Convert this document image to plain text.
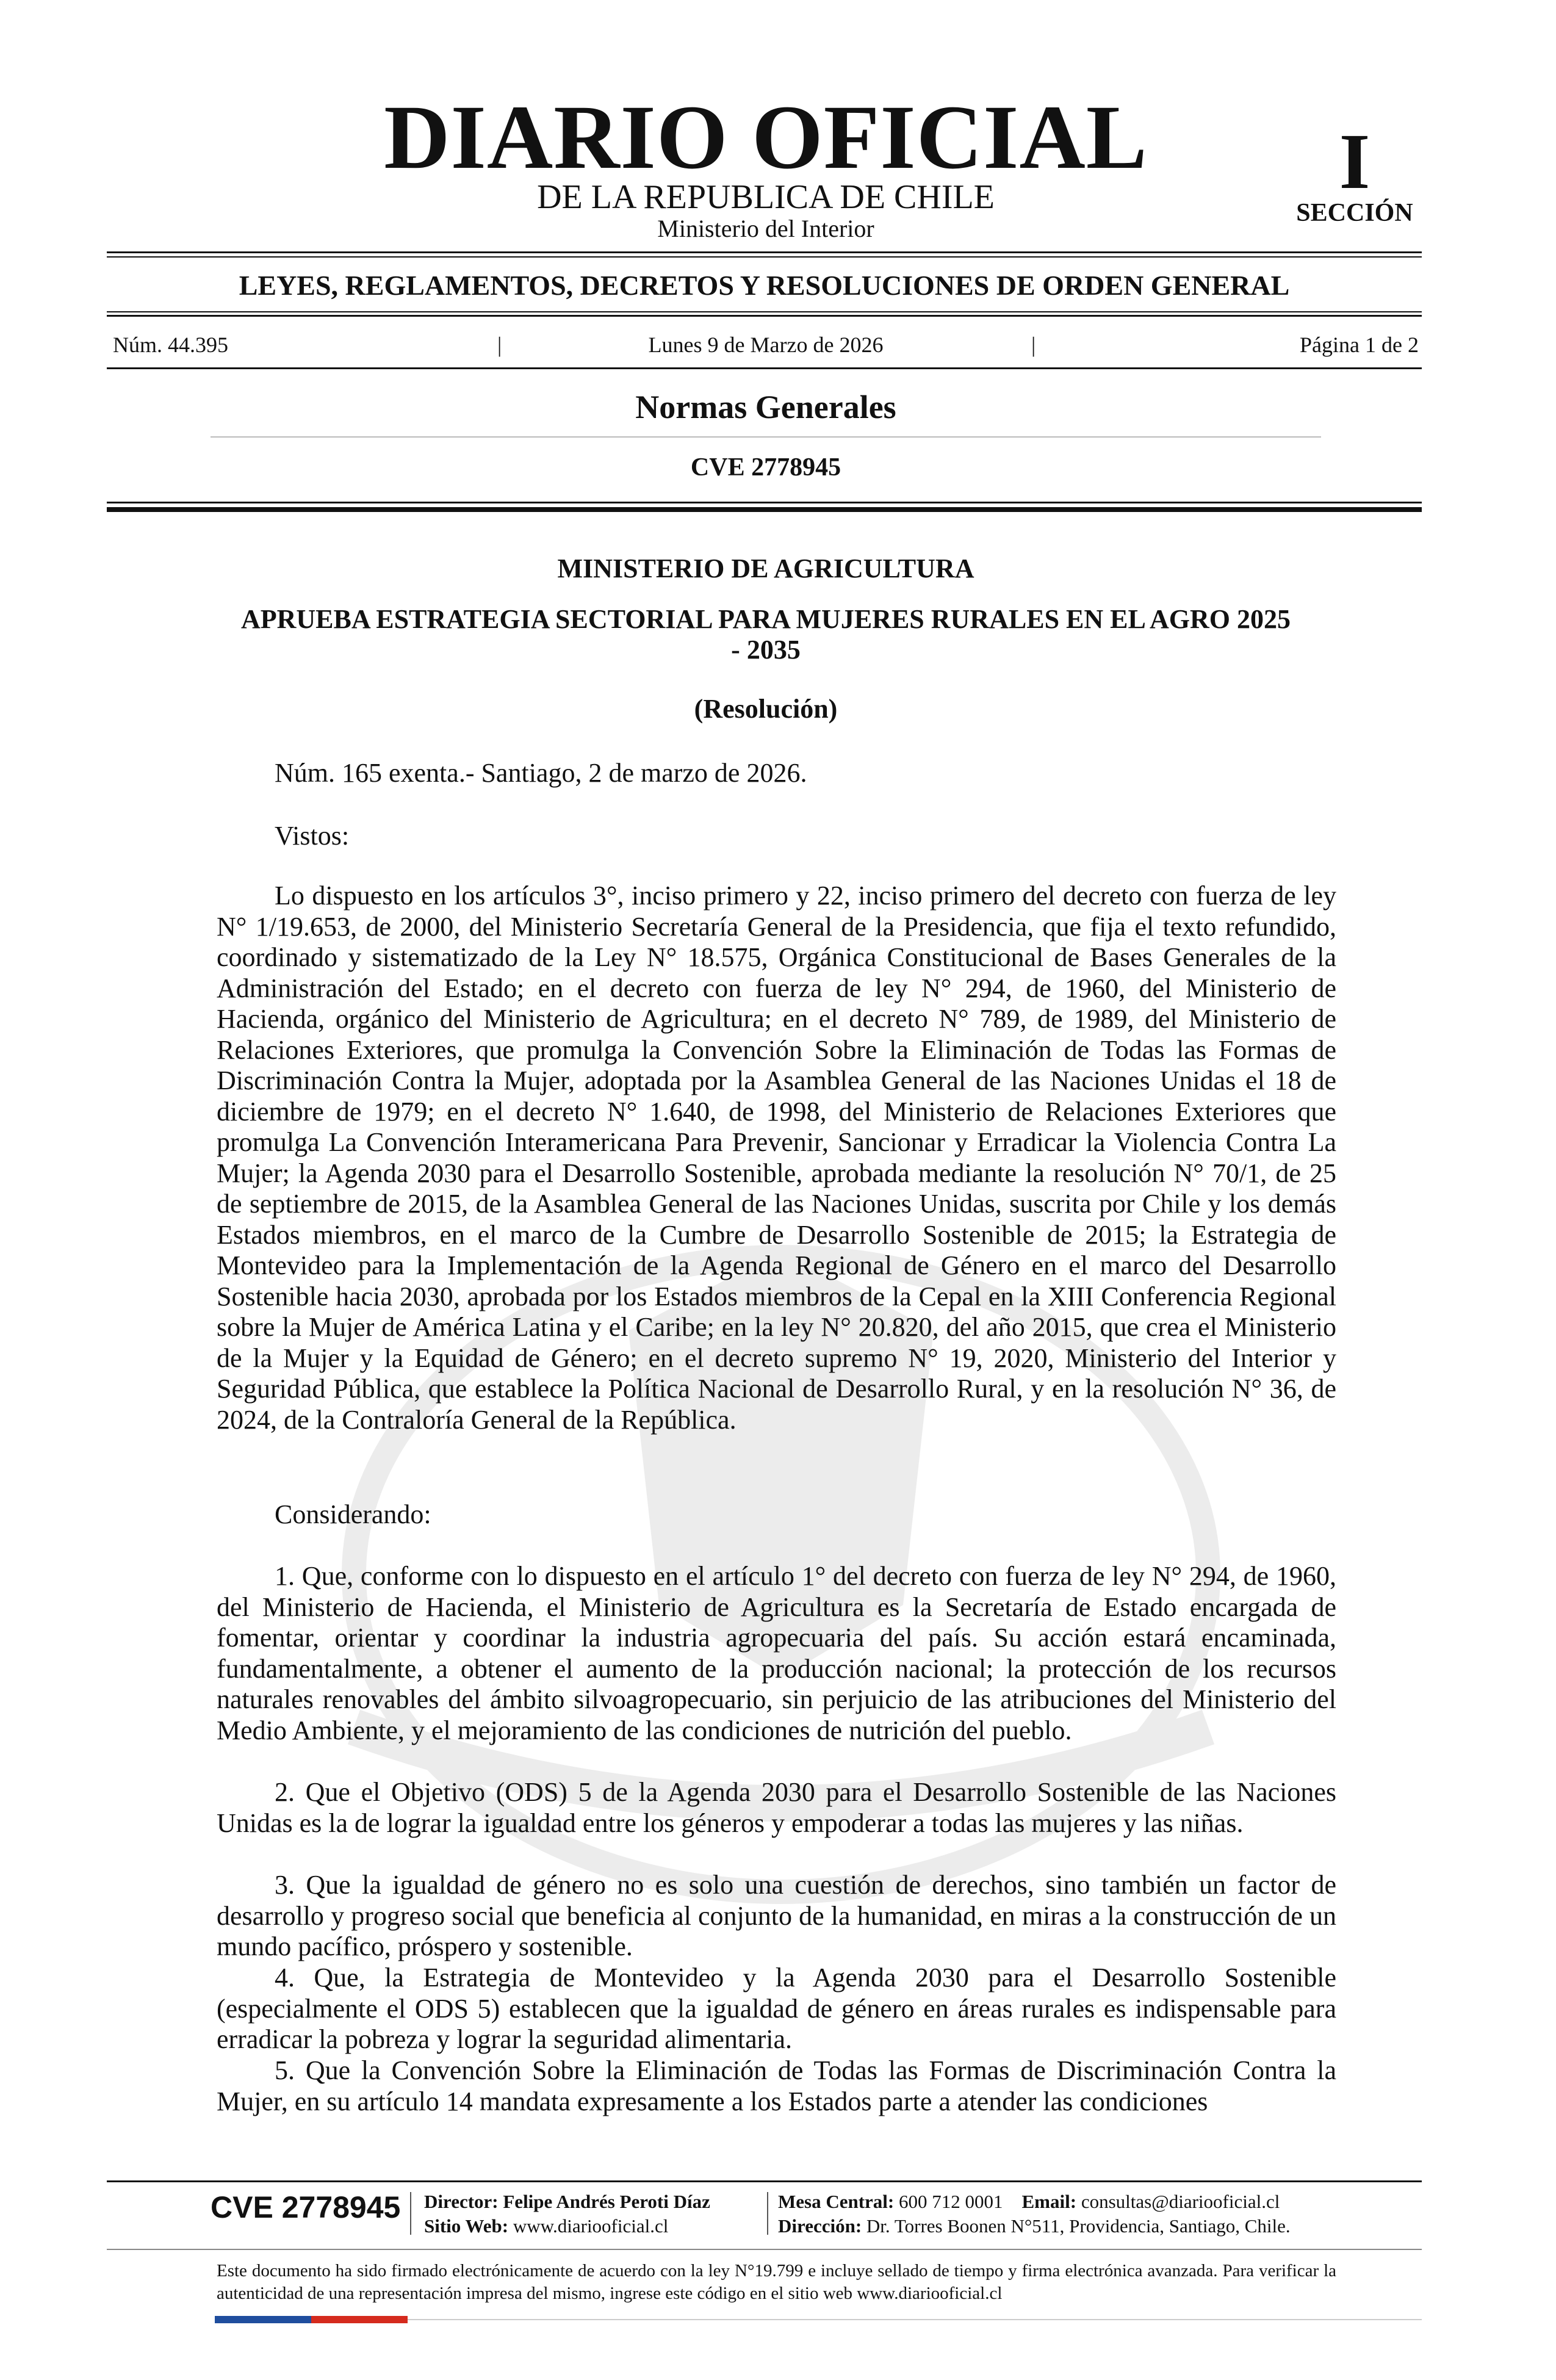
DIARIO OFICIAL
DE LA REPUBLICA DE CHILE
Ministerio del Interior
I
SECCIÓN
LEYES, REGLAMENTOS, DECRETOS Y RESOLUCIONES DE ORDEN GENERAL
Núm. 44.395	|	Lunes 9 de Marzo de 2026	|	Página 1 de 2
Normas Generales
CVE 2778945
MINISTERIO DE AGRICULTURA
APRUEBA ESTRATEGIA SECTORIAL PARA MUJERES RURALES EN EL AGRO 2025 - 2035
(Resolución)
Núm. 165 exenta.- Santiago, 2 de marzo de 2026.
Vistos:
Lo dispuesto en los artículos 3°, inciso primero y 22, inciso primero del decreto con fuerza de ley N° 1/19.653, de 2000, del Ministerio Secretaría General de la Presidencia, que fija el texto refundido, coordinado y sistematizado de la Ley N° 18.575, Orgánica Constitucional de Bases Generales de la Administración del Estado; en el decreto con fuerza de ley N° 294, de 1960, del Ministerio de Hacienda, orgánico del Ministerio de Agricultura; en el decreto N° 789, de 1989, del Ministerio de Relaciones Exteriores, que promulga la Convención Sobre la Eliminación de Todas las Formas de Discriminación Contra la Mujer, adoptada por la Asamblea General de las Naciones Unidas el 18 de diciembre de 1979; en el decreto N° 1.640, de 1998, del Ministerio de Relaciones Exteriores que promulga La Convención Interamericana Para Prevenir, Sancionar y Erradicar la Violencia Contra La Mujer; la Agenda 2030 para el Desarrollo Sostenible, aprobada mediante la resolución N° 70/1, de 25 de septiembre de 2015, de la Asamblea General de las Naciones Unidas, suscrita por Chile y los demás Estados miembros, en el marco de la Cumbre de Desarrollo Sostenible de 2015; la Estrategia de Montevideo para la Implementación de la Agenda Regional de Género en el marco del Desarrollo Sostenible hacia 2030, aprobada por los Estados miembros de la Cepal en la XIII Conferencia Regional sobre la Mujer de América Latina y el Caribe; en la ley N° 20.820, del año 2015, que crea el Ministerio de la Mujer y la Equidad de Género; en el decreto supremo N° 19, 2020, Ministerio del Interior y Seguridad Pública, que establece la Política Nacional de Desarrollo Rural, y en la resolución N° 36, de 2024, de la Contraloría General de la República.
Considerando:
1. Que, conforme con lo dispuesto en el artículo 1° del decreto con fuerza de ley N° 294, de 1960, del Ministerio de Hacienda, el Ministerio de Agricultura es la Secretaría de Estado encargada de fomentar, orientar y coordinar la industria agropecuaria del país. Su acción estará encaminada, fundamentalmente, a obtener el aumento de la producción nacional; la protección de los recursos naturales renovables del ámbito silvoagropecuario, sin perjuicio de las atribuciones del Ministerio del Medio Ambiente, y el mejoramiento de las condiciones de nutrición del pueblo.
2. Que el Objetivo (ODS) 5 de la Agenda 2030 para el Desarrollo Sostenible de las Naciones Unidas es la de lograr la igualdad entre los géneros y empoderar a todas las mujeres y las niñas.
3. Que la igualdad de género no es solo una cuestión de derechos, sino también un factor de desarrollo y progreso social que beneficia al conjunto de la humanidad, en miras a la construcción de un mundo pacífico, próspero y sostenible.
4. Que, la Estrategia de Montevideo y la Agenda 2030 para el Desarrollo Sostenible (especialmente el ODS 5) establecen que la igualdad de género en áreas rurales es indispensable para erradicar la pobreza y lograr la seguridad alimentaria.
5. Que la Convención Sobre la Eliminación de Todas las Formas de Discriminación Contra la Mujer, en su artículo 14 mandata expresamente a los Estados parte a atender las condiciones
CVE 2778945 Director: Felipe Andrés Peroti Díaz
Sitio Web: www.diariooficial.cl
Mesa Central: 600 712 0001 Email: consultas@diariooficial.cl
Dirección: Dr. Torres Boonen N°511, Providencia, Santiago, Chile.
Este documento ha sido firmado electrónicamente de acuerdo con la ley N°19.799 e incluye sellado de tiempo y firma electrónica avanzada. Para verificar la autenticidad de una representación impresa del mismo, ingrese este código en el sitio web www.diariooficial.cl
